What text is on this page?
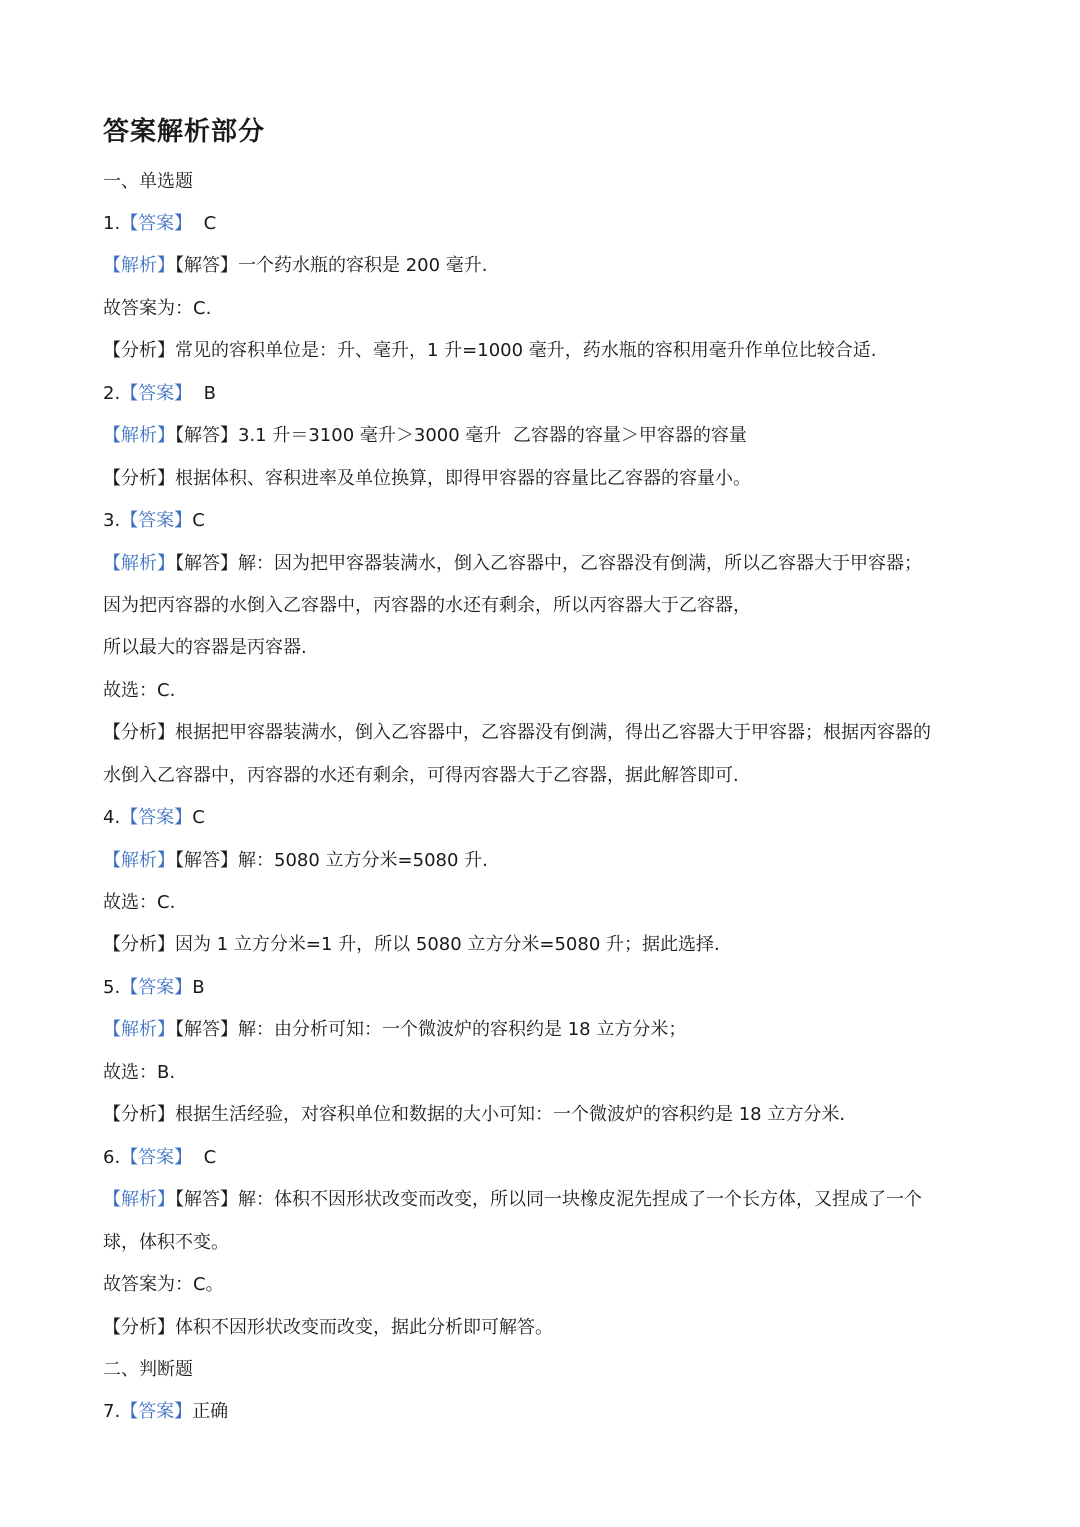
答案解析部分
一、单选题
1.【答案】  C
【解析】【解答】一个药水瓶的容积是 200 毫升.
故答案为：C.
【分析】常见的容积单位是：升、毫升，1 升=1000 毫升，药水瓶的容积用毫升作单位比较合适.
2.【答案】  B
【解析】【解答】3.1 升＝3100 毫升＞3000 毫升  乙容器的容量＞甲容器的容量
【分析】根据体积、容积进率及单位换算，即得甲容器的容量比乙容器的容量小。
3.【答案】C
【解析】【解答】解：因为把甲容器装满水，倒入乙容器中，乙容器没有倒满，所以乙容器大于甲容器；
因为把丙容器的水倒入乙容器中，丙容器的水还有剩余，所以丙容器大于乙容器，
所以最大的容器是丙容器.
故选：C.
【分析】根据把甲容器装满水，倒入乙容器中，乙容器没有倒满，得出乙容器大于甲容器；根据丙容器的
水倒入乙容器中，丙容器的水还有剩余，可得丙容器大于乙容器，据此解答即可.
4.【答案】C
【解析】【解答】解：5080 立方分米=5080 升.
故选：C.
【分析】因为 1 立方分米=1 升，所以 5080 立方分米=5080 升；据此选择.
5.【答案】B
【解析】【解答】解：由分析可知：一个微波炉的容积约是 18 立方分米；
故选：B.
【分析】根据生活经验，对容积单位和数据的大小可知：一个微波炉的容积约是 18 立方分米.
6.【答案】  C
【解析】【解答】解：体积不因形状改变而改变，所以同一块橡皮泥先捏成了一个长方体，又捏成了一个
球，体积不变。
故答案为：C。
【分析】体积不因形状改变而改变，据此分析即可解答。
二、判断题
7.【答案】正确
